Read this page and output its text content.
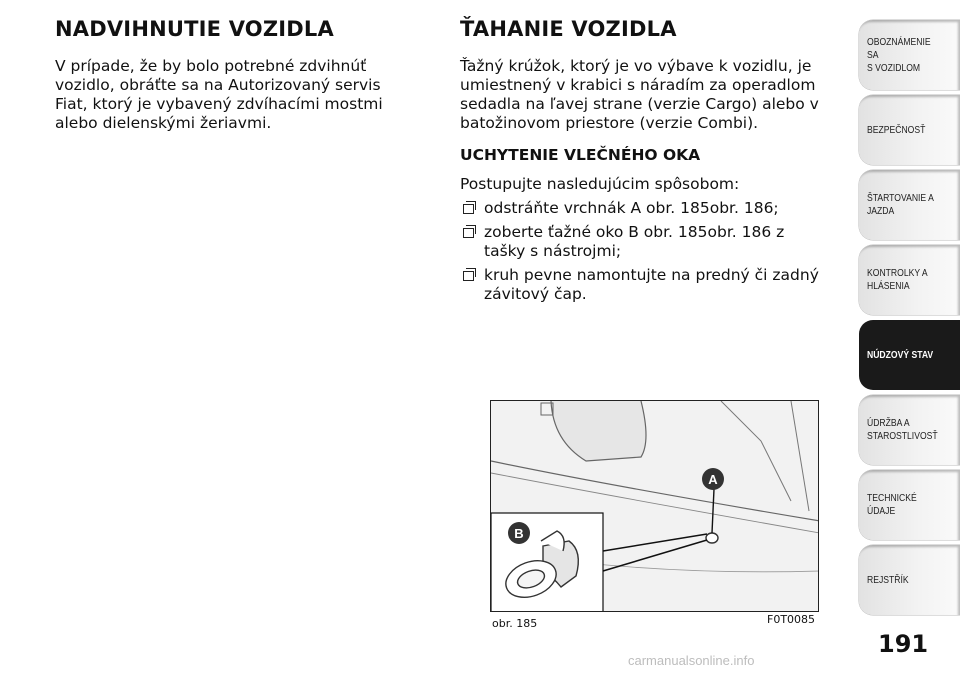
NADVIHNUTIE VOZIDLA

V prípade, že by bolo potrebné zdvihnúť vozidlo, obráťte sa na Autorizovaný servis Fiat, ktorý je vybavený zdvíhacími mostmi alebo dielenskými žeriavmi.

ŤAHANIE VOZIDLA

Ťažný krúžok, ktorý je vo výbave k vozidlu, je umiestnený v krabici s náradím za operadlom sedadla na ľavej strane (verzie Cargo) alebo v batožinovom priestore (verzie Combi).

UCHYTENIE VLEČNÉHO OKA

Postupujte nasledujúcim spôsobom:

odstráňte vrchnák A obr. 185obr. 186;
zoberte ťažné oko B obr. 185obr. 186 z tašky s nástrojmi;
kruh pevne namontujte na predný či zadný závitový čap.
A
B
obr. 185	F0T0085
OBOZNÁMENIE SA
S VOZIDLOM
BEZPEČNOSŤ
ŠTARTOVANIE A
JAZDA
KONTROLKY A
HLÁSENIA
NÚDZOVÝ STAV
ÚDRŽBA A
STAROSTLIVOSŤ
TECHNICKÉ ÚDAJE
REJSTŘÍK
191
carmanualsonline.info
